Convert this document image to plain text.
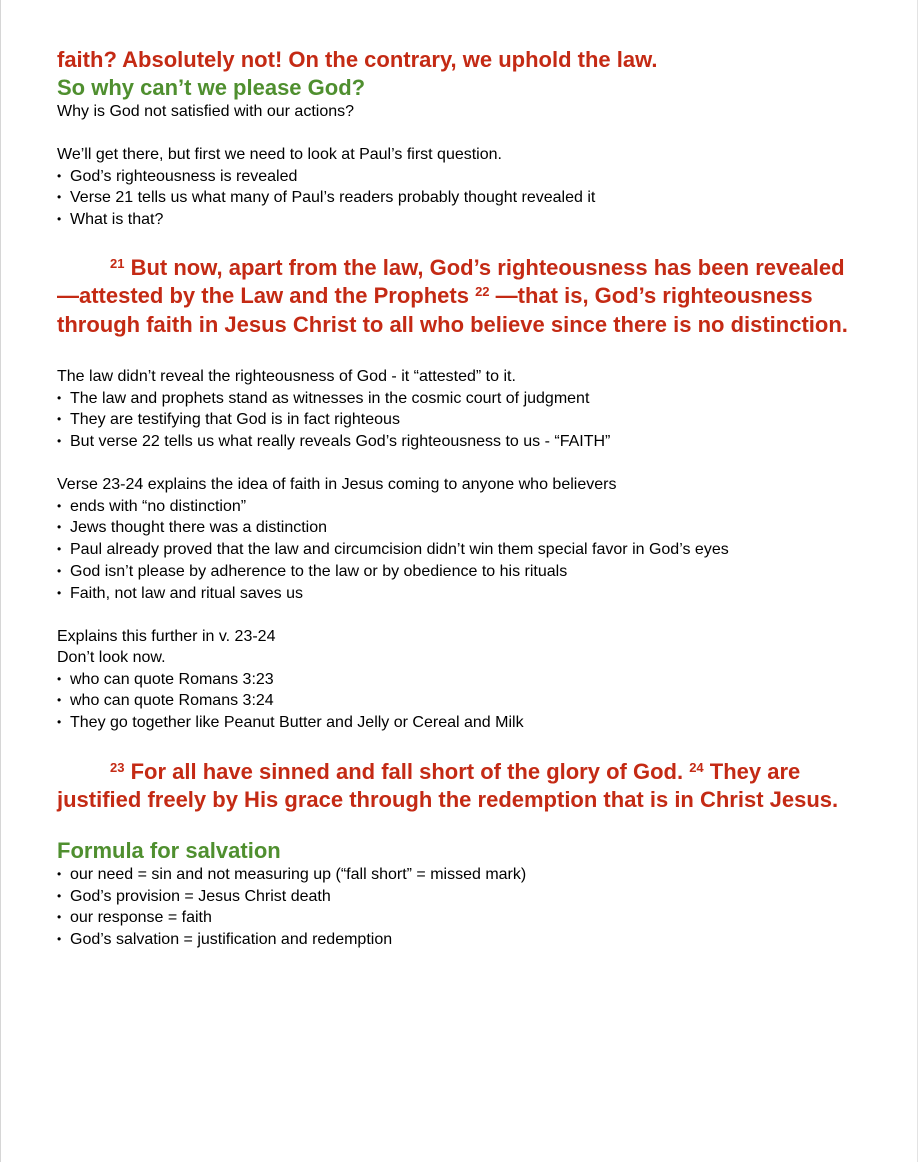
faith? Absolutely not! On the contrary, we uphold the law.

So why can’t we please God?

Why is God not satisfied with our actions?

We’ll get there, but first we need to look at Paul’s first question.

• God’s righteousness is revealed
• Verse 21 tells us what many of Paul’s readers probably thought revealed it
• What is that?

$^{21}$ But now, apart from the law, God’s righteousness has been revealed—attested by the Law and the Prophets $^{22}$ —that is, God’s righteousness through faith in Jesus Christ to all who believe since there is no distinction.

The law didn’t reveal the righteousness of God - it “attested” to it.

• The law and prophets stand as witnesses in the cosmic court of judgment
• They are testifying that God is in fact righteous
• But verse 22 tells us what really reveals God’s righteousness to us - “FAITH”

Verse 23-24 explains the idea of faith in Jesus coming to anyone who believers

• ends with “no distinction”
• Jews thought there was a distinction
• Paul already proved that the law and circumcision didn’t win them special favor in God’s eyes
• God isn’t please by adherence to the law or by obedience to his rituals
• Faith, not law and ritual saves us

Explains this further in v. 23-24

Don’t look now.

• who can quote Romans 3:23
• who can quote Romans 3:24
• They go together like Peanut Butter and Jelly or Cereal and Milk

$^{23}$ For all have sinned and fall short of the glory of God. $^{24}$ They are justified freely by His grace through the redemption that is in Christ Jesus.

Formula for salvation

• our need = sin and not measuring up (“fall short” = missed mark)
• God’s provision = Jesus Christ death
• our response = faith
• God’s salvation = justification and redemption
